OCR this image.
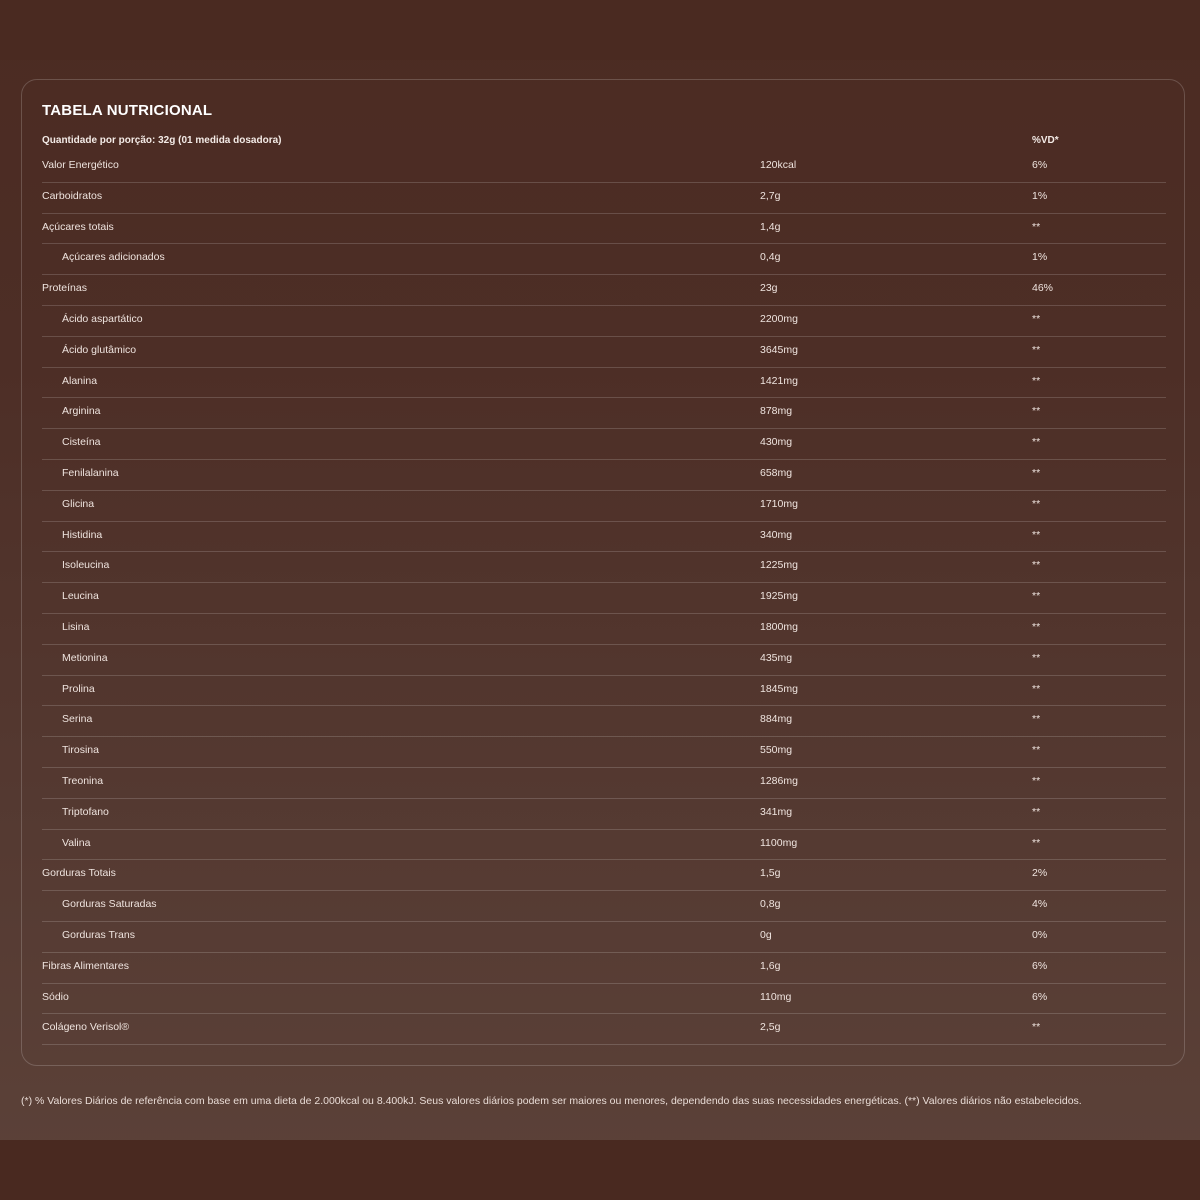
TABELA NUTRICIONAL
Quantidade por porção: 32g (01 medida dosadora)	%VD*
Valor Energético	120kcal	6%
Carboidratos	2,7g	1%
Açúcares totais	1,4g	**
Açúcares adicionados	0,4g	1%
Proteínas	23g	46%
Ácido aspartático	2200mg	**
Ácido glutâmico	3645mg	**
Alanina	1421mg	**
Arginina	878mg	**
Cisteína	430mg	**
Fenilalanina	658mg	**
Glicina	1710mg	**
Histidina	340mg	**
Isoleucina	1225mg	**
Leucina	1925mg	**
Lisina	1800mg	**
Metionina	435mg	**
Prolina	1845mg	**
Serina	884mg	**
Tirosina	550mg	**
Treonina	1286mg	**
Triptofano	341mg	**
Valina	1100mg	**
Gorduras Totais	1,5g	2%
Gorduras Saturadas	0,8g	4%
Gorduras Trans	0g	0%
Fibras Alimentares	1,6g	6%
Sódio	110mg	6%
Colágeno Verisol®	2,5g	**
(*) % Valores Diários de referência com base em uma dieta de 2.000kcal ou 8.400kJ. Seus valores diários podem ser maiores ou menores, dependendo das suas necessidades energéticas. (**) Valores diários não estabelecidos.
